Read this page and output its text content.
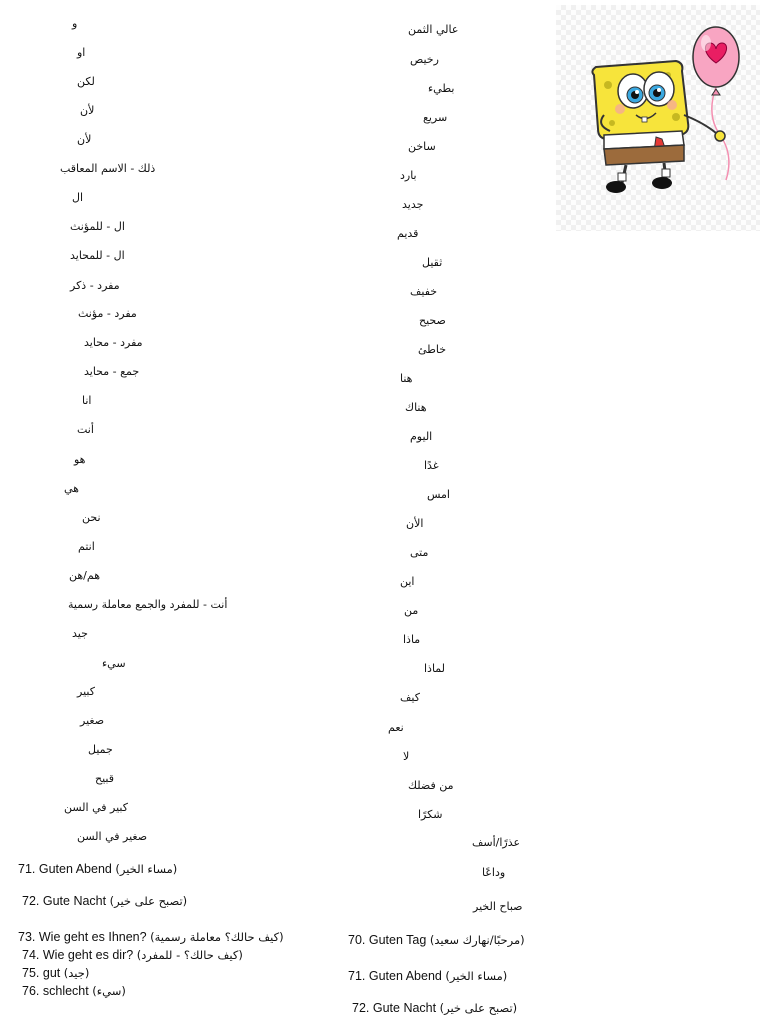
و
او
لكن
لأن
لأن
ذلك - الاسم المعاقب
ال
ال - للمؤنث
ال - للمحايد
مفرد - ذكر
مفرد - مؤنث
مفرد - محايد
جمع - محايد
انا
أنت
هو
هي
نحن
انتم
هم/هن
أنت - للمفرد والجمع معاملة رسمية
جيد
سيء
كبير
صغير
جميل
قبيح
كبير في السن
صغير في السن
عالي الثمن
رخيص
بطيء
سريع
ساخن
بارد
جديد
قديم
ثقيل
خفيف
صحيح
خاطئ
هنا
هناك
اليوم
غدًا
امس
الأن
متى
اين
من
ماذا
لماذا
كيف
نعم
لا
من فضلك
شكرًا
عذرًا/أسف
وداعًا
صباح الخير
71. Guten Abend (مساء الخير)
72. Gute Nacht (تصبح على خير)
73. Wie geht es Ihnen? (كيف حالك؟ معاملة رسمية)
74. Wie geht es dir? (كيف حالك؟ - للمفرد)
75. gut (جيد)
76. schlecht (سيء)
70. Guten Tag (مرحبًا/نهارك سعيد)
71. Guten Abend (مساء الخير)
72. Gute Nacht (تصبح على خير)
